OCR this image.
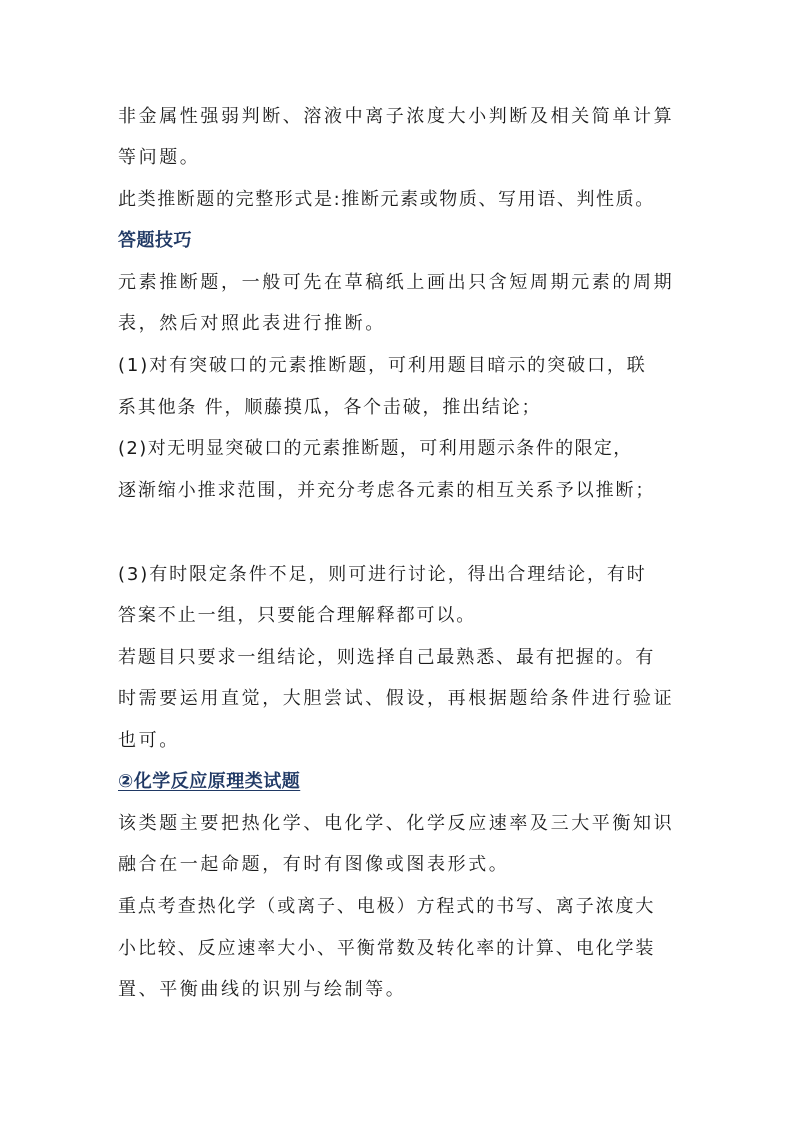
非金属性强弱判断、溶液中离子浓度大小判断及相关简单计算
等问题。
此类推断题的完整形式是:推断元素或物质、写用语、判性质。
答题技巧
元素推断题，一般可先在草稿纸上画出只含短周期元素的周期
表，然后对照此表进行推断。
(1)对有突破口的元素推断题，可利用题目暗示的突破口，联
系其他条 件，顺藤摸瓜，各个击破，推出结论；
(2)对无明显突破口的元素推断题，可利用题示条件的限定，
逐渐缩小推求范围，并充分考虑各元素的相互关系予以推断；
(3)有时限定条件不足，则可进行讨论，得出合理结论，有时
答案不止一组，只要能合理解释都可以。
若题目只要求一组结论，则选择自己最熟悉、最有把握的。有
时需要运用直觉，大胆尝试、假设，再根据题给条件进行验证
也可。
②化学反应原理类试题
该类题主要把热化学、电化学、化学反应速率及三大平衡知识
融合在一起命题，有时有图像或图表形式。
重点考查热化学（或离子、电极）方程式的书写、离子浓度大
小比较、反应速率大小、平衡常数及转化率的计算、电化学装
置、平衡曲线的识别与绘制等。
